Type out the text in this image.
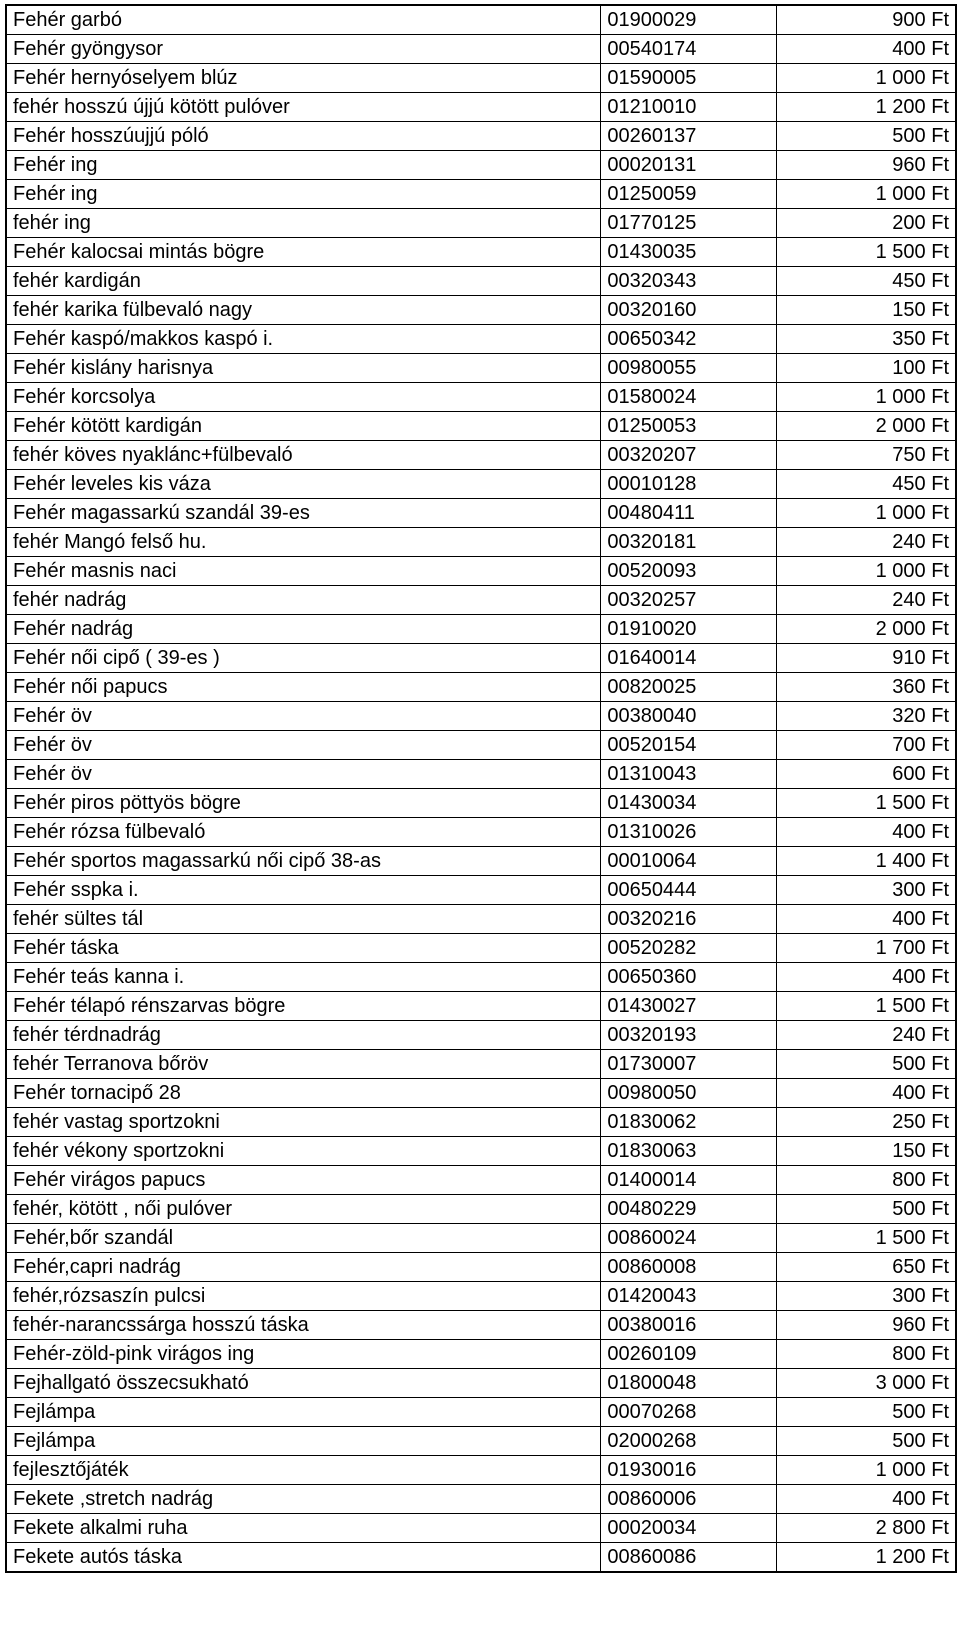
Fehér garbó	01900029	900 Ft
Fehér gyöngysor	00540174	400 Ft
Fehér hernyóselyem blúz	01590005	1 000 Ft
fehér hosszú újjú kötött pulóver	01210010	1 200 Ft
Fehér hosszúujjú póló	00260137	500 Ft
Fehér ing	00020131	960 Ft
Fehér ing	01250059	1 000 Ft
fehér ing	01770125	200 Ft
Fehér kalocsai mintás bögre	01430035	1 500 Ft
fehér kardigán	00320343	450 Ft
fehér karika fülbevaló nagy	00320160	150 Ft
Fehér kaspó/makkos kaspó i.	00650342	350 Ft
Fehér kislány harisnya	00980055	100 Ft
Fehér korcsolya	01580024	1 000 Ft
Fehér kötött kardigán	01250053	2 000 Ft
fehér köves nyaklánc+fülbevaló	00320207	750 Ft
Fehér leveles kis váza	00010128	450 Ft
Fehér magassarkú szandál 39-es	00480411	1 000 Ft
fehér Mangó felső hu.	00320181	240 Ft
Fehér masnis naci	00520093	1 000 Ft
fehér nadrág	00320257	240 Ft
Fehér nadrág	01910020	2 000 Ft
Fehér női cipő ( 39-es )	01640014	910 Ft
Fehér női papucs	00820025	360 Ft
Fehér öv	00380040	320 Ft
Fehér öv	00520154	700 Ft
Fehér öv	01310043	600 Ft
Fehér piros pöttyös bögre	01430034	1 500 Ft
Fehér rózsa fülbevaló	01310026	400 Ft
Fehér sportos magassarkú női cipő 38-as	00010064	1 400 Ft
Fehér sspka i.	00650444	300 Ft
fehér sültes tál	00320216	400 Ft
Fehér táska	00520282	1 700 Ft
Fehér teás kanna i.	00650360	400 Ft
Fehér télapó rénszarvas bögre	01430027	1 500 Ft
fehér térdnadrág	00320193	240 Ft
fehér Terranova bőröv	01730007	500 Ft
Fehér tornacipő 28	00980050	400 Ft
fehér vastag sportzokni	01830062	250 Ft
fehér vékony sportzokni	01830063	150 Ft
Fehér virágos papucs	01400014	800 Ft
fehér, kötött , női pulóver	00480229	500 Ft
Fehér,bőr szandál	00860024	1 500 Ft
Fehér,capri nadrág	00860008	650 Ft
fehér,rózsaszín pulcsi	01420043	300 Ft
fehér-narancssárga hosszú táska	00380016	960 Ft
Fehér-zöld-pink virágos ing	00260109	800 Ft
Fejhallgató összecsukható	01800048	3 000 Ft
Fejlámpa	00070268	500 Ft
Fejlámpa	02000268	500 Ft
fejlesztőjáték	01930016	1 000 Ft
Fekete ,stretch nadrág	00860006	400 Ft
Fekete alkalmi ruha	00020034	2 800 Ft
Fekete autós táska	00860086	1 200 Ft
